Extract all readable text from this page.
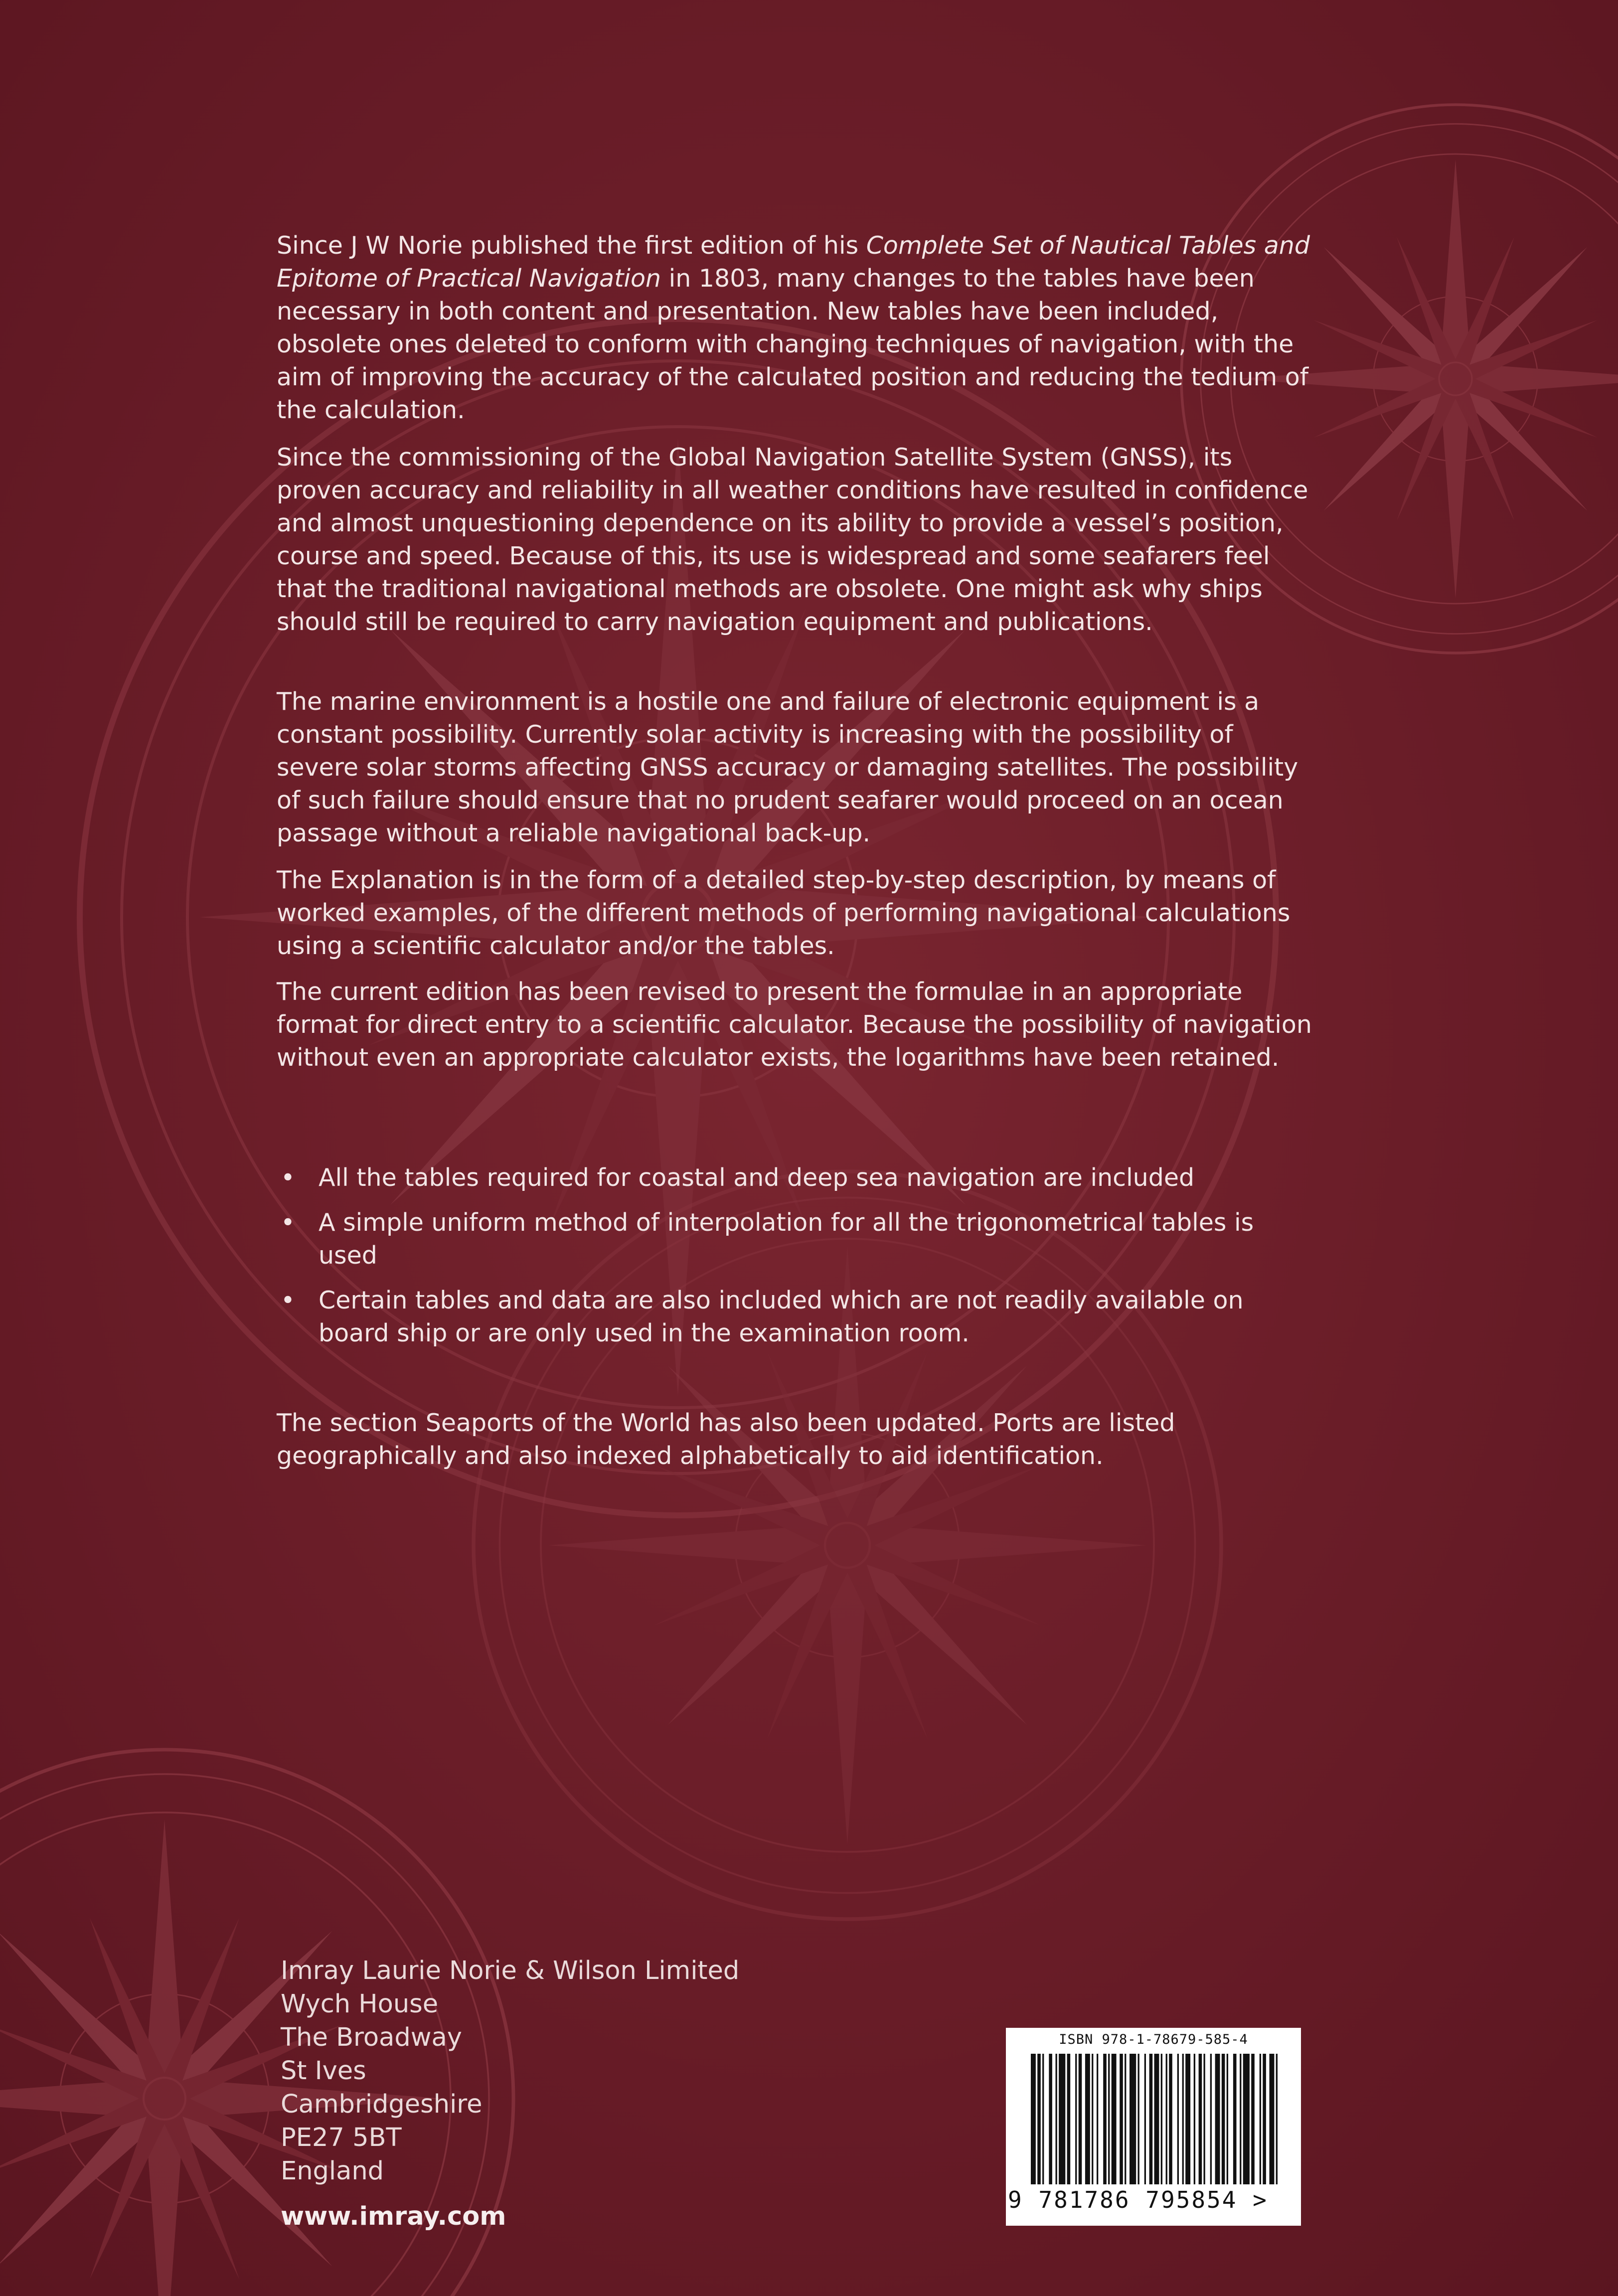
Since J W Norie published the first edition of his Complete Set of Nautical Tables and Epitome of Practical Navigation in 1803, many changes to the tables have been necessary in both content and presentation. New tables have been included, obsolete ones deleted to conform with changing techniques of navigation, with the aim of improving the accuracy of the calculated position and reducing the tedium of the calculation.

Since the commissioning of the Global Navigation Satellite System (GNSS), its proven accuracy and reliability in all weather conditions have resulted in confidence and almost unquestioning dependence on its ability to provide a vessel’s position, course and speed. Because of this, its use is widespread and some seafarers feel that the traditional navigational methods are obsolete. One might ask why ships should still be required to carry navigation equipment and publications.

The marine environment is a hostile one and failure of electronic equipment is a constant possibility. Currently solar activity is increasing with the possibility of severe solar storms affecting GNSS accuracy or damaging satellites. The possibility of such failure should ensure that no prudent seafarer would proceed on an ocean passage without a reliable navigational back-up.

The Explanation is in the form of a detailed step-by-step description, by means of worked examples, of the different methods of performing navigational calculations using a scientific calculator and/or the tables.

The current edition has been revised to present the formulae in an appropriate format for direct entry to a scientific calculator. Because the possibility of navigation without even an appropriate calculator exists, the logarithms have been retained.

• All the tables required for coastal and deep sea navigation are included
• A simple uniform method of interpolation for all the trigonometrical tables is used
• Certain tables and data are also included which are not readily available on board ship or are only used in the examination room.

The section Seaports of the World has also been updated. Ports are listed geographically and also indexed alphabetically to aid identification.

Imray Laurie Norie & Wilson Limited
Wych House
The Broadway
St Ives
Cambridgeshire
PE27 5BT
England
www.imray.com
ISBN 978-1-78679-585-4
9 781786 795854 >
